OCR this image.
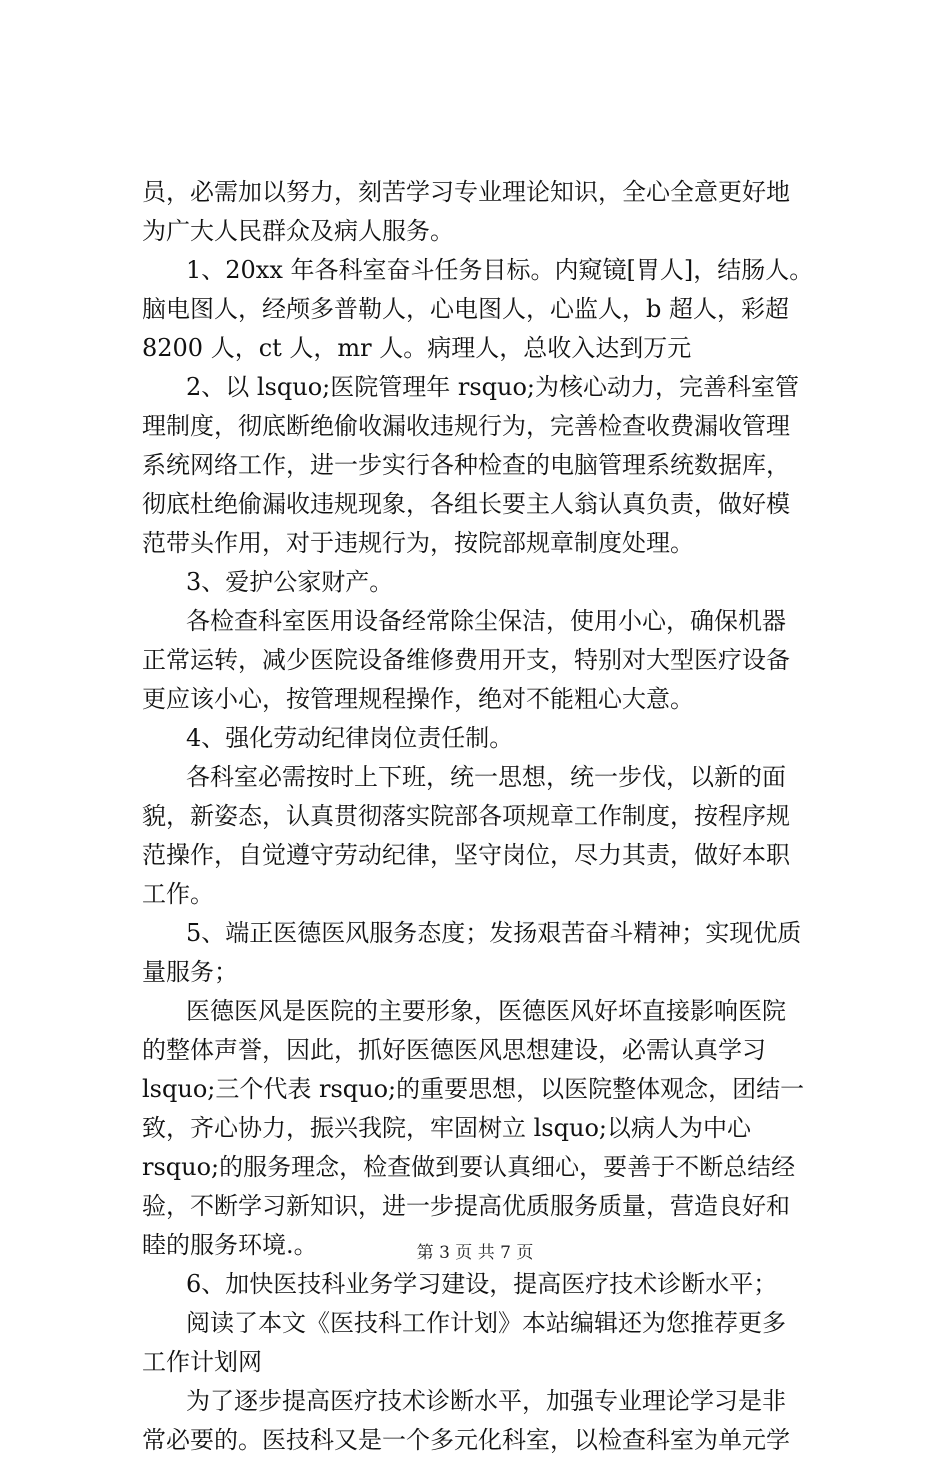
员，必需加以努力，刻苦学习专业理论知识，全心全意更好地
为广大人民群众及病人服务。
1、20xx 年各科室奋斗任务目标。内窥镜[胃人]，结肠人。
脑电图人，经颅多普勒人，心电图人，心监人，b 超人，彩超
8200 人，ct 人，mr 人。病理人，总收入达到万元
2、以 lsquo;医院管理年 rsquo;为核心动力，完善科室管
理制度，彻底断绝偷收漏收违规行为，完善检查收费漏收管理
系统网络工作，进一步实行各种检查的电脑管理系统数据库，
彻底杜绝偷漏收违规现象，各组长要主人翁认真负责，做好模
范带头作用，对于违规行为，按院部规章制度处理。
3、爱护公家财产。
各检查科室医用设备经常除尘保洁，使用小心，确保机器
正常运转，减少医院设备维修费用开支，特别对大型医疗设备
更应该小心，按管理规程操作，绝对不能粗心大意。
4、强化劳动纪律岗位责任制。
各科室必需按时上下班，统一思想，统一步伐，以新的面
貌，新姿态，认真贯彻落实院部各项规章工作制度，按程序规
范操作，自觉遵守劳动纪律，坚守岗位，尽力其责，做好本职
工作。
5、端正医德医风服务态度；发扬艰苦奋斗精神；实现优质
量服务；
医德医风是医院的主要形象，医德医风好坏直接影响医院
的整体声誉，因此，抓好医德医风思想建设，必需认真学习
lsquo;三个代表 rsquo;的重要思想，以医院整体观念，团结一
致，齐心协力，振兴我院，牢固树立 lsquo;以病人为中心
rsquo;的服务理念，检查做到要认真细心，要善于不断总结经
验，不断学习新知识，进一步提高优质服务质量，营造良好和
睦的服务环境.。
6、加快医技科业务学习建设，提高医疗技术诊断水平；
阅读了本文《医技科工作计划》本站编辑还为您推荐更多
工作计划网
为了逐步提高医疗技术诊断水平，加强专业理论学习是非
常必要的。医技科又是一个多元化科室，以检查科室为单元学
第 3 页 共 7 页
